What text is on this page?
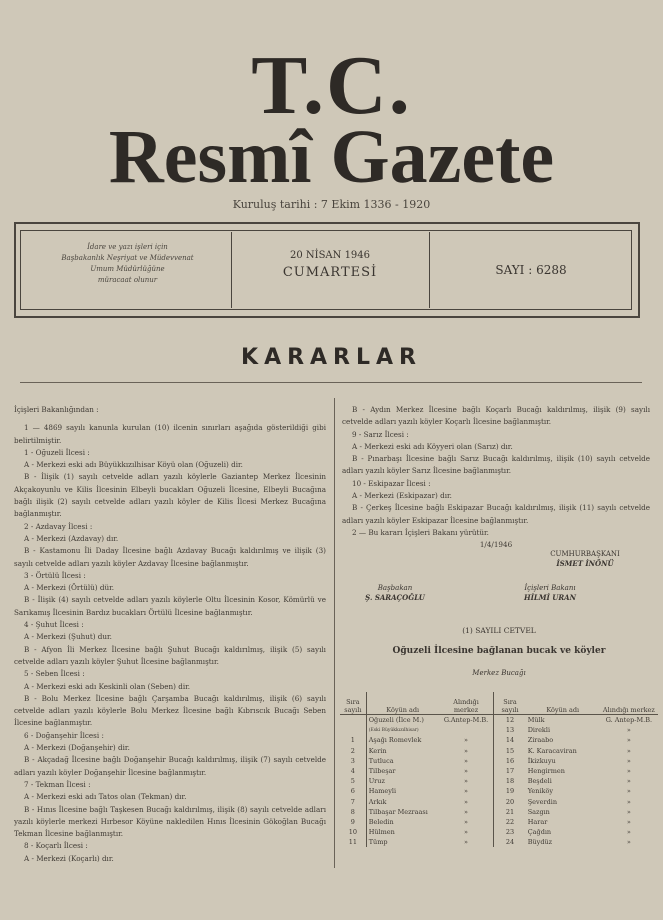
T.C.
Resmî Gazete
Kuruluş tarihi : 7 Ekim 1336 - 1920
İdare ve yazı işleri için
Başbakanlık Neşriyat ve Müdevvenat
Umum Müdürlüğüne
müracaat olunur
20 NİSAN 1946
CUMARTESİ	SAYI : 6288
KARARLAR

İçişleri Bakanlığından :

1 — 4869 sayılı kanunla kurulan (10) ilcenin sınırları aşağıda gösterildiği gibi belirtilmiştir.

1 - Oğuzeli İlcesi :

A - Merkezi eski adı Büyükkızılhisar Köyü olan (Oğuzeli) dir.

B - İlişik (1) sayılı cetvelde adları yazılı köylerle Gaziantep Merkez İlcesinin Akçakoyunlu ve Kilis İlcesinin Elbeyli bucakları Oğuzeli İlcesine, Elbeyli Bucağına bağlı ilişik (2) sayılı cetvelde adları yazılı köyler de Kilis İlcesi Merkez Bucağına bağlanmıştır.

2 - Azdavay İlcesi :

A - Merkezi (Azdavay) dır.

B - Kastamonu İli Daday İlcesine bağlı Azdavay Bucağı kaldırılmış ve ilişik (3) sayılı cetvelde adları yazılı köyler Azdavay İlcesine bağlanmıştır.

3 - Örtülü İlcesi :

A - Merkezi (Örtülü) dür.

B - İlişik (4) sayılı cetvelde adları yazılı köylerle Oltu İlcesinin Kosor, Kömürlü ve Sarıkamış İlcesinin Bardız bucakları Örtülü İlcesine bağlanmıştır.

4 - Şuhut İlcesi :

A - Merkezi (Şuhut) dur.

B - Afyon İli Merkez İlcesine bağlı Şuhut Bucağı kaldırılmış, ilişik (5) sayılı cetvelde adları yazılı köyler Şuhut İlcesine bağlanmıştır.

5 - Seben İlcesi :

A - Merkezi eski adı Keskinli olan (Seben) dir.

B - Bolu Merkez İlcesine bağlı Çarşamba Bucağı kaldırılmış, ilişik (6) sayılı cetvelde adları yazılı köylerle Bolu Merkez İlcesine bağlı Kıbrıscık Bucağı Seben İlcesine bağlanmıştır.

6 - Doğanşehir İlcesi :

A - Merkezi (Doğanşehir) dir.

B - Akçadağ İlcesine bağlı Doğanşehir Bucağı kaldırılmış, ilişik (7) sayılı cetvelde adları yazılı köyler Doğanşehir İlcesine bağlanmıştır.

7 - Tekman İlcesi :

A - Merkezi eski adı Tatos olan (Tekman) dır.

B - Hınıs İlcesine bağlı Taşkesen Bucağı kaldırılmış, ilişik (8) sayılı cetvelde adları yazılı köylerle merkezi Hırbesor Köyüne nakledilen Hınıs İlcesinin Gökoğlan Bucağı Tekman İlcesine bağlanmıştır.

8 - Koçarlı İlcesi :

A - Merkezi (Koçarlı) dır.

B - Aydın Merkez İlcesine bağlı Koçarlı Bucağı kaldırılmış, ilişik (9) sayılı cetvelde adları yazılı köyler Koçarlı İlcesine bağlanmıştır.

9 - Sarız İlcesi :

A - Merkezi eski adı Köyyeri olan (Sarız) dır.

B - Pınarbaşı İlcesine bağlı Sarız Bucağı kaldırılmış, ilişik (10) sayılı cetvelde adları yazılı köyler Sarız İlcesine bağlanmıştır.

10 - Eskipazar İlcesi :

A - Merkezi (Eskipazar) dır.

B - Çerkeş İlcesine bağlı Eskipazar Bucağı kaldırılmış, ilişik (11) sayılı cetvelde adları yazılı köyler Eskipazar İlcesine bağlanmıştır.

2 — Bu kararı İçişleri Bakanı yürütür.

1/4/1946

CUMHURBAŞKANI
İSMET İNÖNÜ
Başbakan
Ş. SARAÇOĞLU
İçişleri Bakanı
HİLMİ URAN
(1) SAYILI CETVEL
Oğuzeli İlcesine bağlanan bucak ve köyler
Merkez Bucağı
Sıra sayılı	Köyün adı	Alındığı merkez	Sıra sayılı	Köyün adı	Alındığı merkez
	Oğuzeli (İlce M.)	G.Antep-M.B.	12	Mülk	G. Antep-M.B.
	(Eski Büyükkızılhisar)		13	Direkli	»
1	Aşağı Romevlek	»	14	Ziraabo	»
2	Kerin	»	15	K. Karacaviran	»
3	Tutluca	»	16	İkizkuyu	»
4	Tilbeşar	»	17	Hengirmen	»
5	Uruz	»	18	Beşdeli	»
6	Hameyli	»	19	Yeniköy	»
7	Arkık	»	20	Şeverdin	»
8	Tilbaşar Mezraası	»	21	Sazgın	»
9	Beledin	»	22	Harar	»
10	Hülmen	»	23	Çağdın	»
11	Tümp	»	24	Büydüz	»
